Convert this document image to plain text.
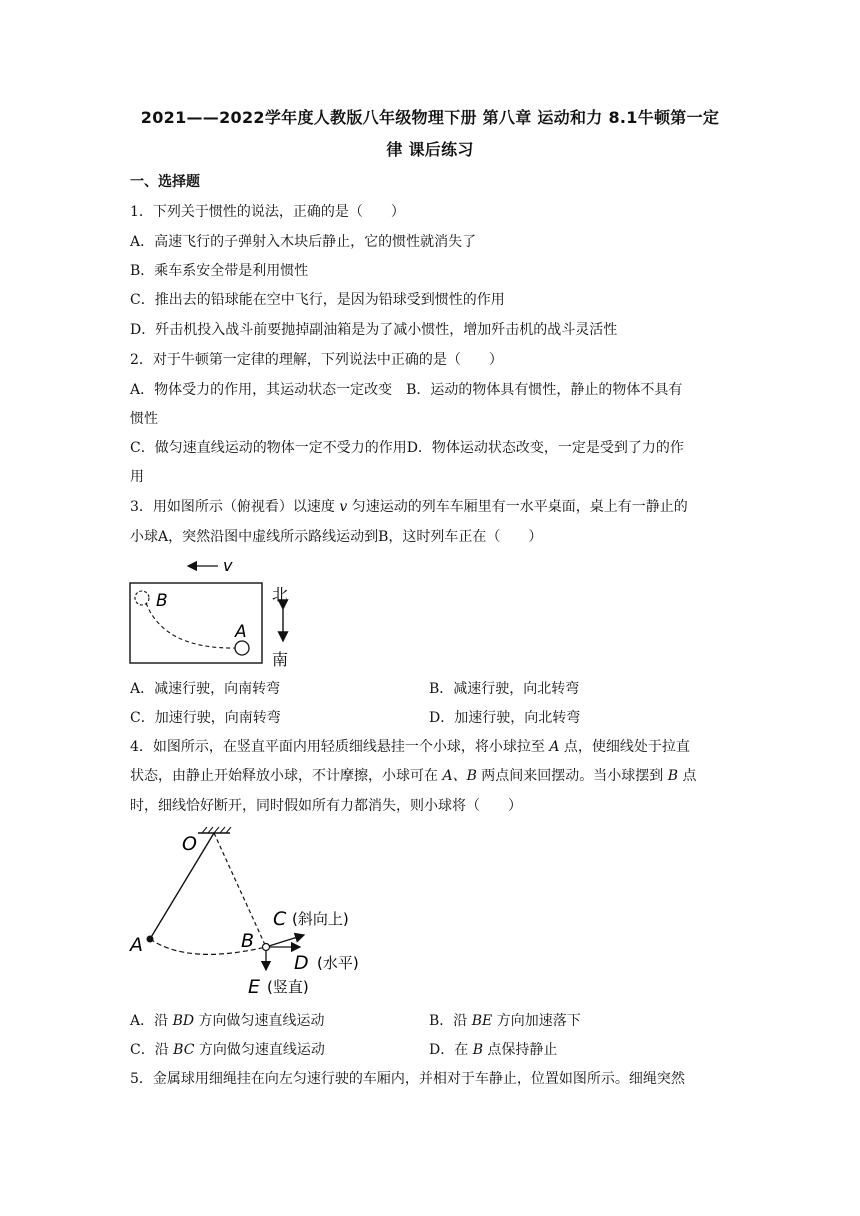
2021——2022学年度人教版八年级物理下册 第八章 运动和力 8.1牛顿第一定
律 课后练习
一、选择题
1．下列关于惯性的说法，正确的是（　　）
A．高速飞行的子弹射入木块后静止，它的惯性就消失了
B．乘车系安全带是利用惯性
C．推出去的铅球能在空中飞行，是因为铅球受到惯性的作用
D．歼击机投入战斗前要抛掉副油箱是为了减小惯性，增加歼击机的战斗灵活性
2．对于牛顿第一定律的理解，下列说法中正确的是（　　）
A．物体受力的作用，其运动状态一定改变　B．运动的物体具有惯性，静止的物体不具有
惯性
C．做匀速直线运动的物体一定不受力的作用D．物体运动状态改变，一定是受到了力的作
用
3．用如图所示（俯视看）以速度 v 匀速运动的列车车厢里有一水平桌面，桌上有一静止的
小球A，突然沿图中虚线所示路线运动到B，这时列车正在（　　）
v
B
A
北
南
A．减速行驶，向南转弯	B．减速行驶，向北转弯
C．加速行驶，向南转弯	D．加速行驶，向北转弯
4．如图所示，在竖直平面内用轻质细线悬挂一个小球，将小球拉至 A 点，使细线处于拉直
状态，由静止开始释放小球，不计摩擦，小球可在 A、B 两点间来回摆动。当小球摆到 B 点
时，细线恰好断开，同时假如所有力都消失，则小球将（　　）
O
A	B
C (斜向上)
D (水平)
E (竖直)
A．沿 BD 方向做匀速直线运动	B．沿 BE 方向加速落下
C．沿 BC 方向做匀速直线运动	D．在 B 点保持静止
5．金属球用细绳挂在向左匀速行驶的车厢内，并相对于车静止，位置如图所示。细绳突然
